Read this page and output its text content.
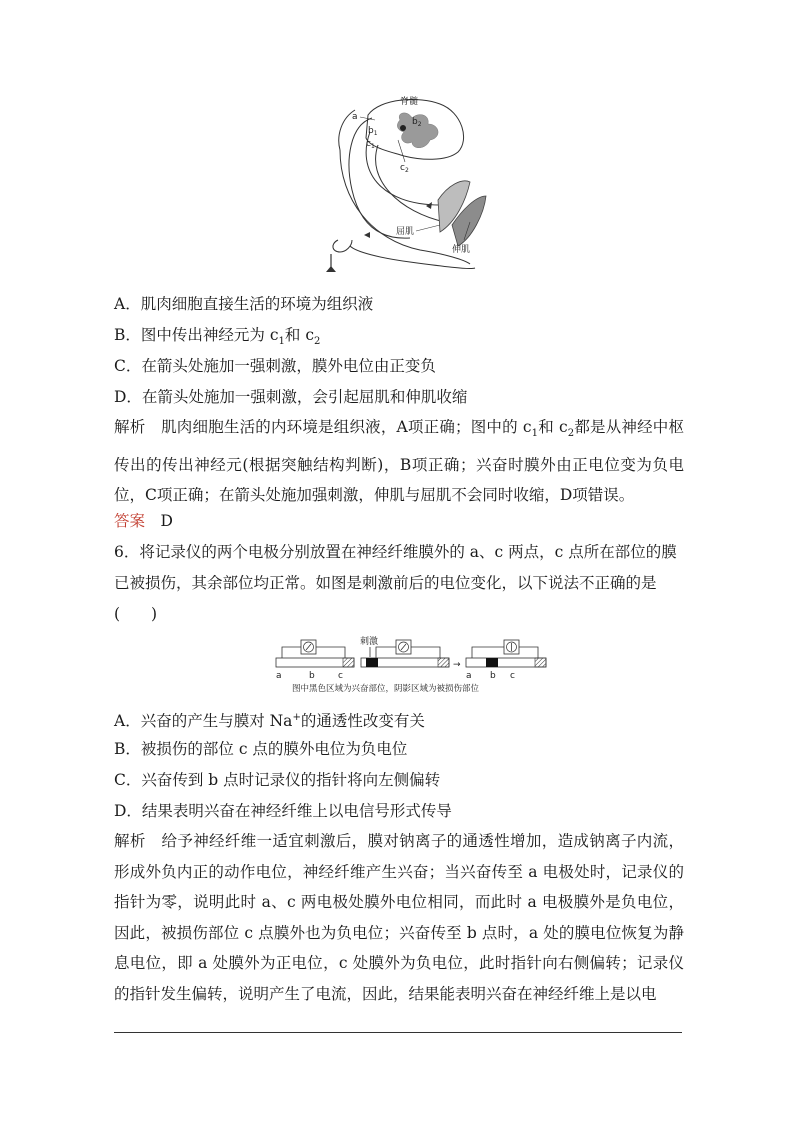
脊髓
a
$b_1$
$b_2$
$c_1$
$c_2$
屈肌
伸肌
A．肌肉细胞直接生活的环境为组织液
B．图中传出神经元为 $c_1$和 $c_2$
C．在箭头处施加一强刺激，膜外电位由正变负
D．在箭头处施加一强刺激，会引起屈肌和伸肌收缩
解析　肌肉细胞生活的内环境是组织液，A项正确；图中的 $c_1$和 $c_2$都是从神经中枢传出的传出神经元(根据突触结构判断)，B项正确；兴奋时膜外由正电位变为负电位，C项正确；在箭头处施加强刺激，伸肌与屈肌不会同时收缩，D项错误。
答案　 D
6．将记录仪的两个电极分别放置在神经纤维膜外的 a、c 两点，c 点所在部位的膜
已被损伤，其余部位均正常。如图是刺激前后的电位变化，以下说法不正确的是
(　　)
a	b	c
刺激
→
a b c
图中黑色区域为兴奋部位，阴影区域为被损伤部位
A．兴奋的产生与膜对 Na+的通透性改变有关
B．被损伤的部位 c 点的膜外电位为负电位
C．兴奋传到 b 点时记录仪的指针将向左侧偏转
D．结果表明兴奋在神经纤维上以电信号形式传导
解析　给予神经纤维一适宜刺激后，膜对钠离子的通透性增加，造成钠离子内流，形成外负内正的动作电位，神经纤维产生兴奋；当兴奋传至 a 电极处时，记录仪的指针为零，说明此时 a、c 两电极处膜外电位相同，而此时 a 电极膜外是负电位，因此，被损伤部位 c 点膜外也为负电位；兴奋传至 b 点时，a 处的膜电位恢复为静息电位，即 a 处膜外为正电位，c 处膜外为负电位，此时指针向右侧偏转；记录仪的指针发生偏转，说明产生了电流，因此，结果能表明兴奋在神经纤维上是以电
